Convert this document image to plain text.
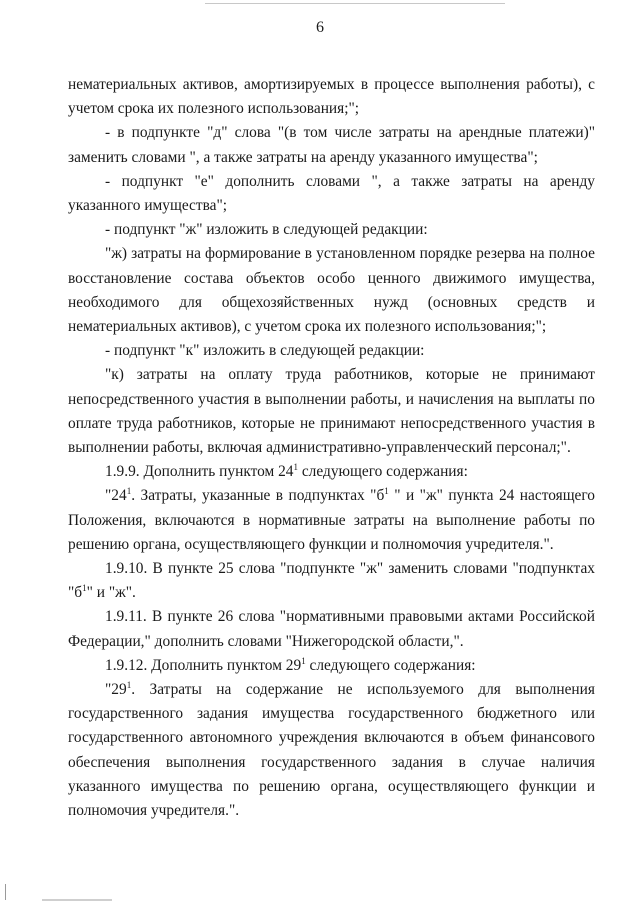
6

нематериальных активов, амортизируемых в процессе выполнения работы), с учетом срока их полезного использования;";

- в подпункте "д" слова "(в том числе затраты на арендные платежи)" заменить словами ", а также затраты на аренду указанного имущества";

- подпункт "е" дополнить словами ", а также затраты на аренду указанного имущества";

- подпункт "ж" изложить в следующей редакции:

"ж) затраты на формирование в установленном порядке резерва на полное восстановление состава объектов особо ценного движимого имущества, необходимого для общехозяйственных нужд (основных средств и нематериальных активов), с учетом срока их полезного использования;";

- подпункт "к" изложить в следующей редакции:

"к) затраты на оплату труда работников, которые не принимают непосредственного участия в выполнении работы, и начисления на выплаты по оплате труда работников, которые не принимают непосредственного участия в выполнении работы, включая административно-управленческий персонал;".

1.9.9. Дополнить пунктом $24^1$ следующего содержания:

"$24^1$. Затраты, указанные в подпунктах "$б^1$ " и "ж" пункта 24 настоящего Положения, включаются в нормативные затраты на выполнение работы по решению органа, осуществляющего функции и полномочия учредителя.".

1.9.10. В пункте 25 слова "подпункте "ж" заменить словами "подпунктах "$б^1$" и "ж".

1.9.11. В пункте 26 слова "нормативными правовыми актами Российской Федерации," дополнить словами "Нижегородской области,".

1.9.12. Дополнить пунктом $29^1$ следующего содержания:

"$29^1$. Затраты на содержание не используемого для выполнения государственного задания имущества государственного бюджетного или государственного автономного учреждения включаются в объем финансового обеспечения выполнения государственного задания в случае наличия указанного имущества по решению органа, осуществляющего функции и полномочия учредителя.".
